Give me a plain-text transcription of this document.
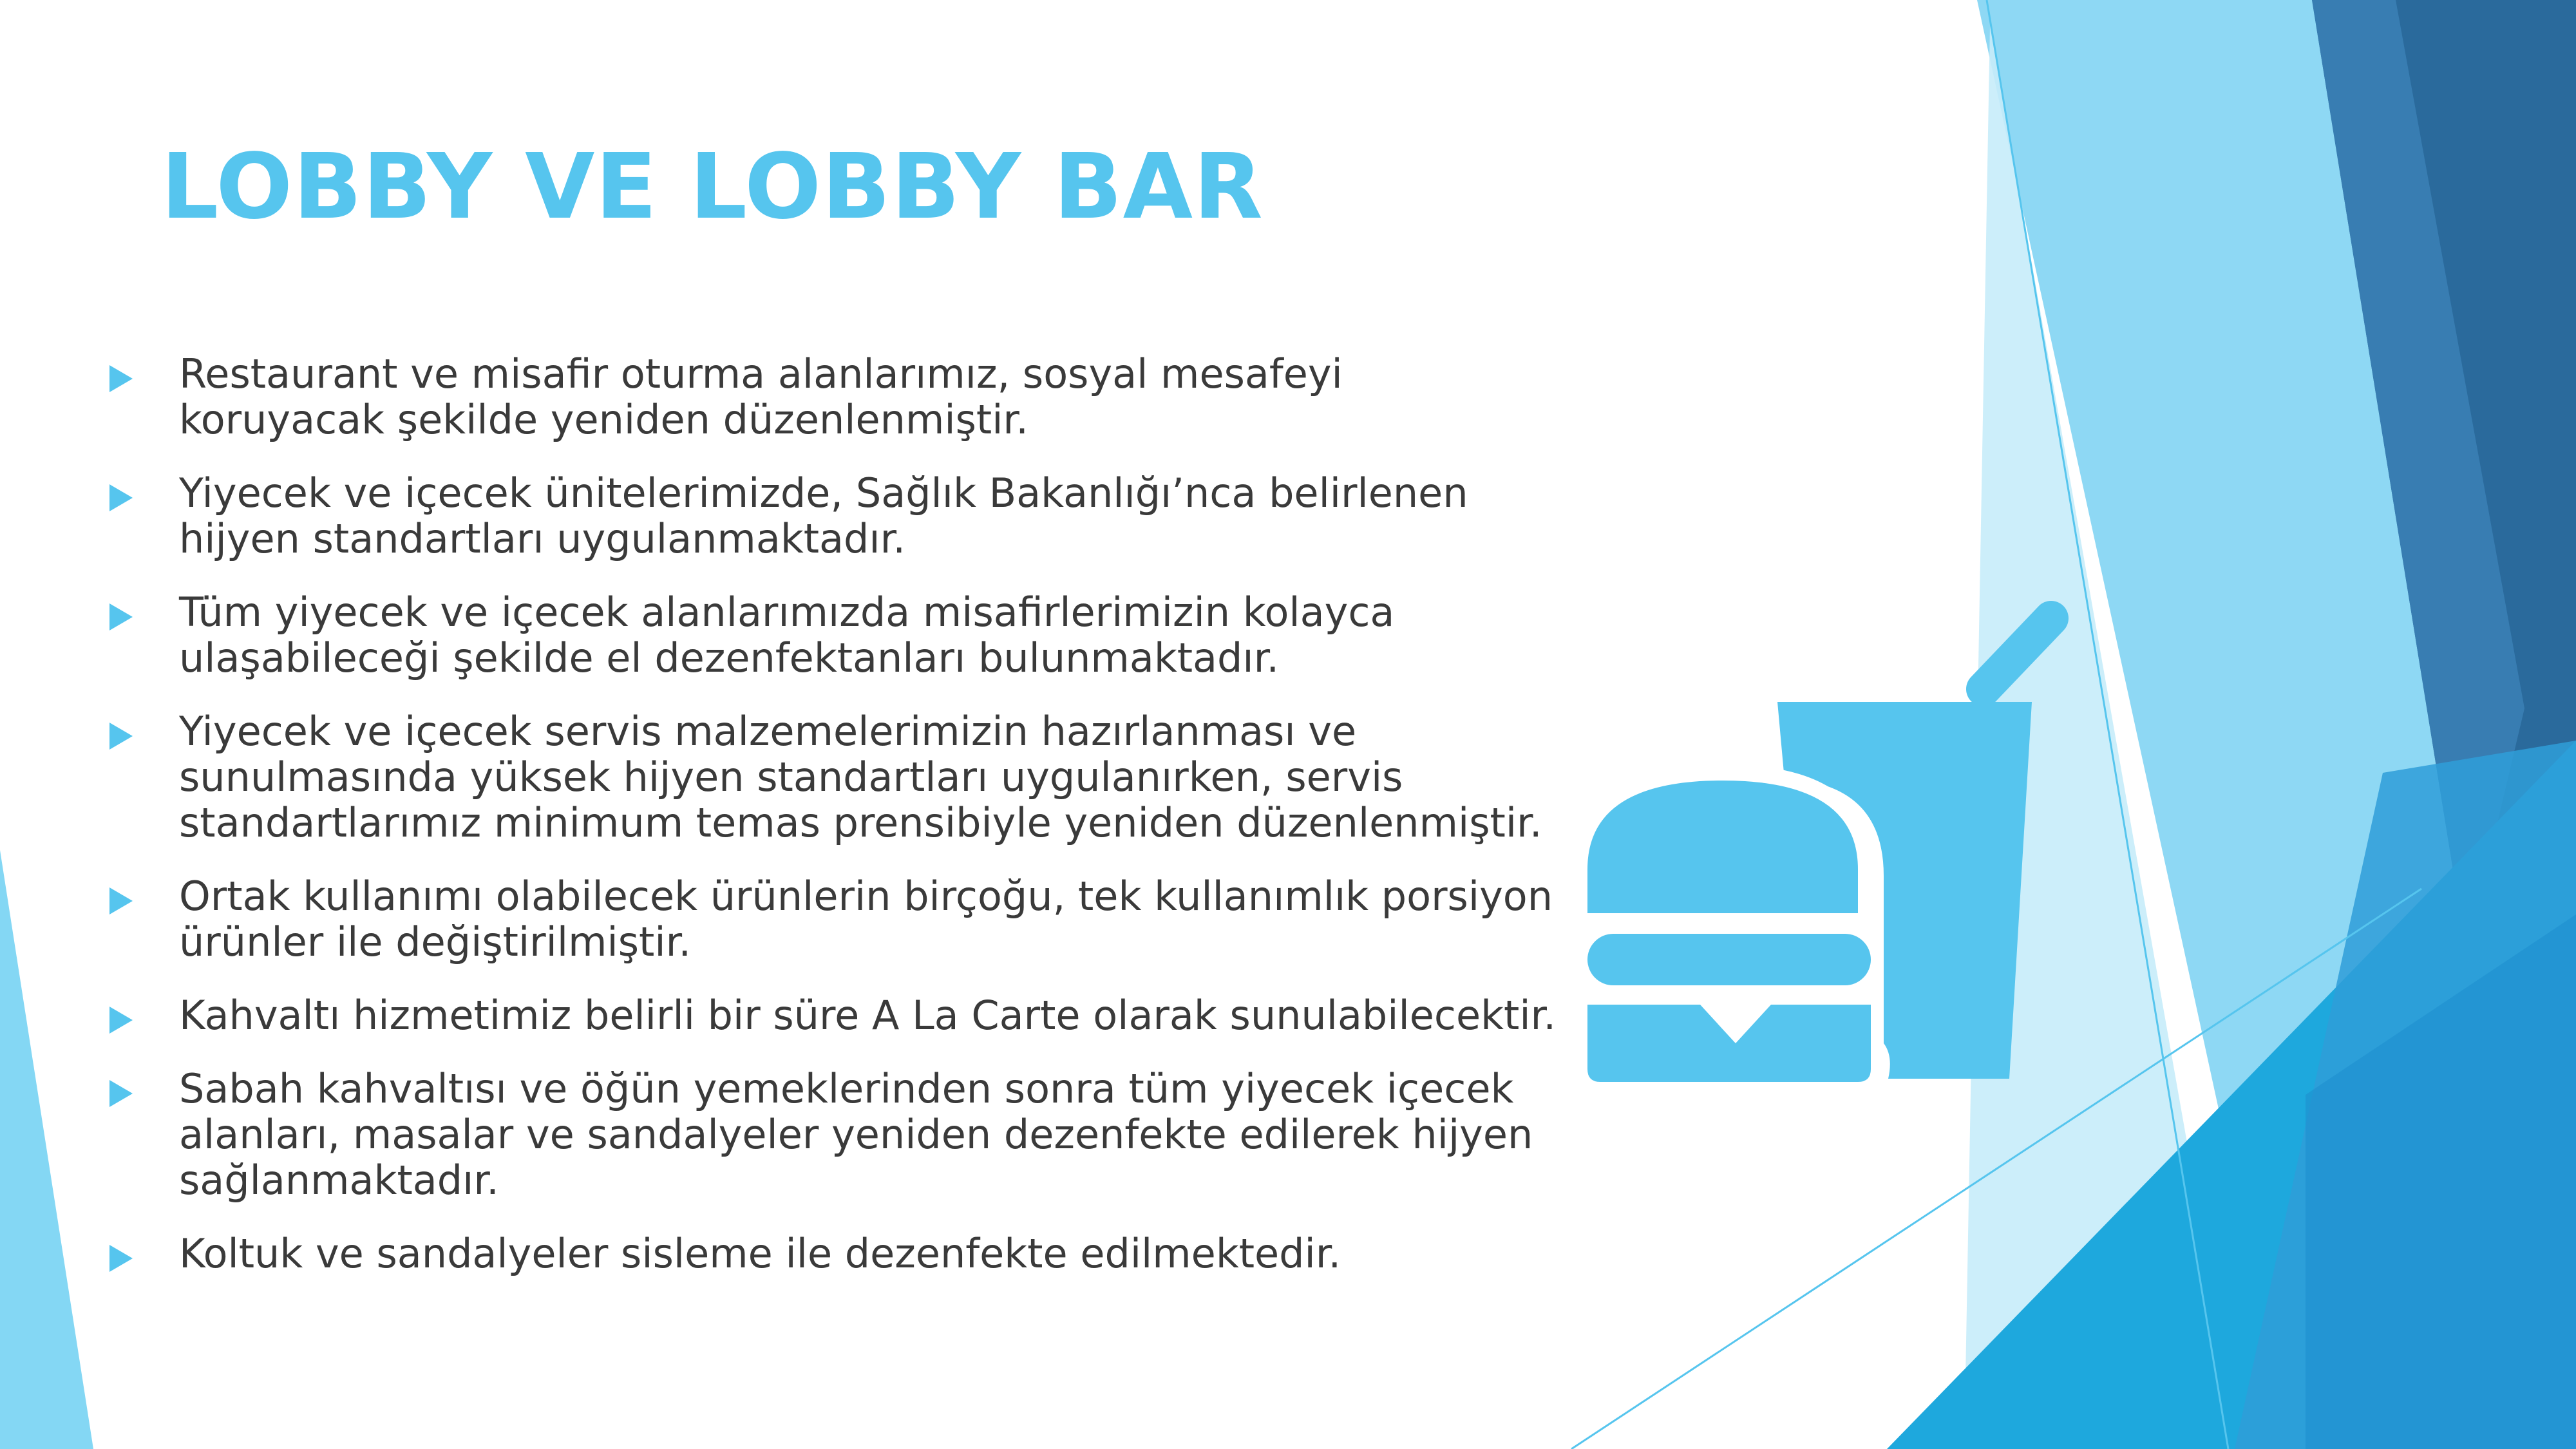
LOBBY VE LOBBY BAR
Restaurant ve misafir oturma alanlarımız, sosyal mesafeyi koruyacak şekilde yeniden düzenlenmiştir.
Yiyecek ve içecek ünitelerimizde, Sağlık Bakanlığı’nca belirlenen hijyen standartları uygulanmaktadır.
Tüm yiyecek ve içecek alanlarımızda misafirlerimizin kolayca ulaşabileceği şekilde el dezenfektanları bulunmaktadır.
Yiyecek ve içecek servis malzemelerimizin hazırlanması ve sunulmasında yüksek hijyen standartları uygulanırken, servis standartlarımız minimum temas prensibiyle yeniden düzenlenmiştir.
Ortak kullanımı olabilecek ürünlerin birçoğu, tek kullanımlık porsiyon ürünler ile değiştirilmiştir.
Kahvaltı hizmetimiz belirli bir süre A La Carte olarak sunulabilecektir.
Sabah kahvaltısı ve öğün yemeklerinden sonra tüm yiyecek içecek alanları, masalar ve sandalyeler yeniden dezenfekte edilerek hijyen sağlanmaktadır.
Koltuk ve sandalyeler sisleme ile dezenfekte edilmektedir.
